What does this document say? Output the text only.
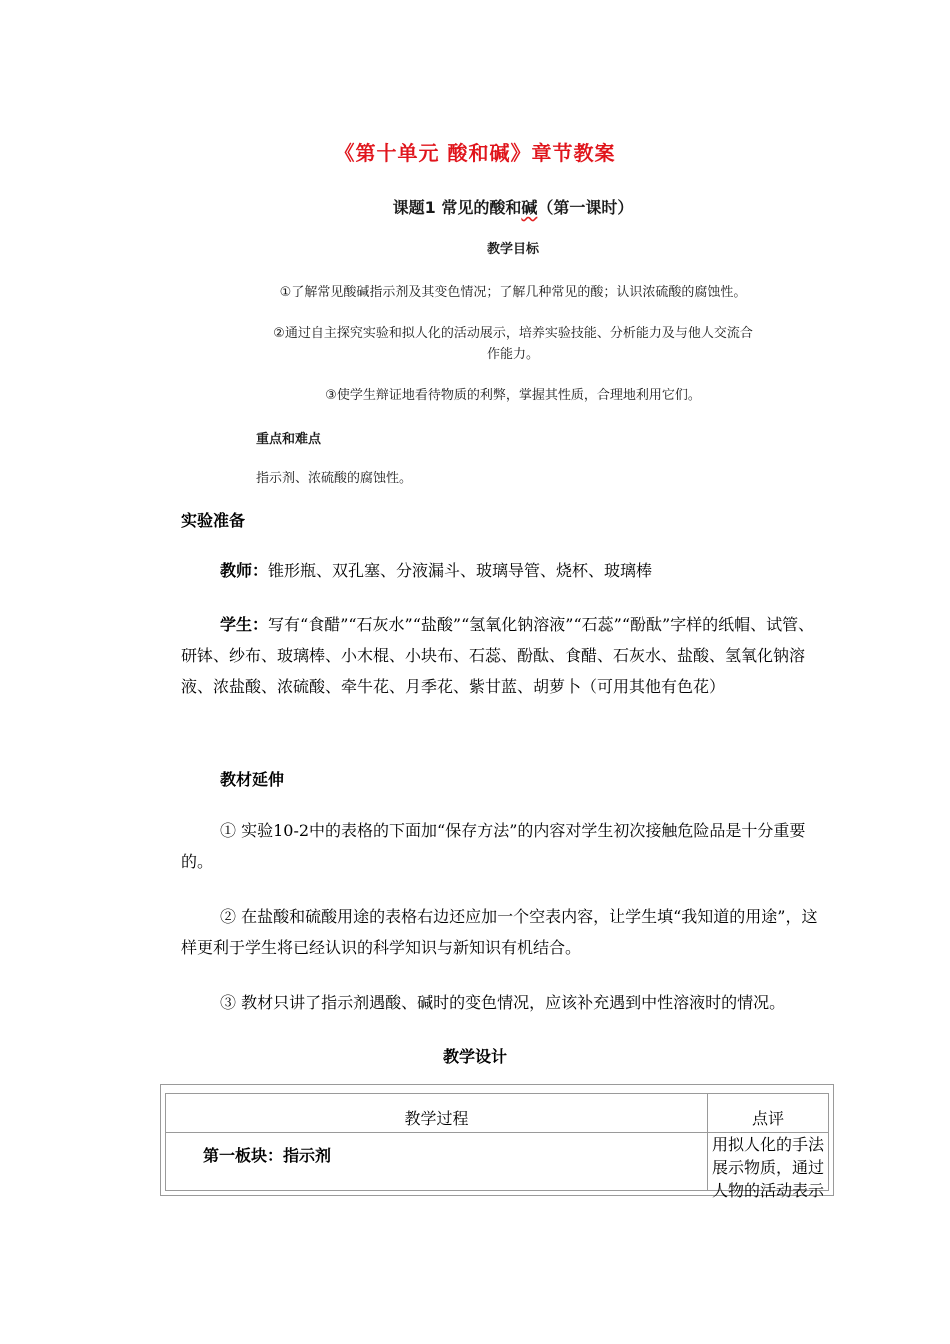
《第十单元 酸和碱》章节教案
课题1 常见的酸和碱（第一课时）
教学目标
①了解常见酸碱指示剂及其变色情况；了解几种常见的酸；认识浓硫酸的腐蚀性。
②通过自主探究实验和拟人化的活动展示，培养实验技能、分析能力及与他人交流合
作能力。
③使学生辩证地看待物质的利弊，掌握其性质，合理地利用它们。
重点和难点
指示剂、浓硫酸的腐蚀性。
实验准备
教师：锥形瓶、双孔塞、分液漏斗、玻璃导管、烧杯、玻璃棒
学生：写有“食醋”“石灰水”“盐酸”“氢氧化钠溶液”“石蕊”“酚酞”字样的纸帽、试管、研钵、纱布、玻璃棒、小木棍、小块布、石蕊、酚酞、食醋、石灰水、盐酸、氢氧化钠溶液、浓盐酸、浓硫酸、牵牛花、月季花、紫甘蓝、胡萝卜（可用其他有色花）
教材延伸
① 实验10-2中的表格的下面加“保存方法”的内容对学生初次接触危险品是十分重要的。
② 在盐酸和硫酸用途的表格右边还应加一个空表内容，让学生填“我知道的用途”，这样更利于学生将已经认识的科学知识与新知识有机结合。
③ 教材只讲了指示剂遇酸、碱时的变色情况，应该补充遇到中性溶液时的情况。
教学设计
教学过程	点评
第一板块：指示剂
用拟人化的手法展示物质，通过人物的活动表示
